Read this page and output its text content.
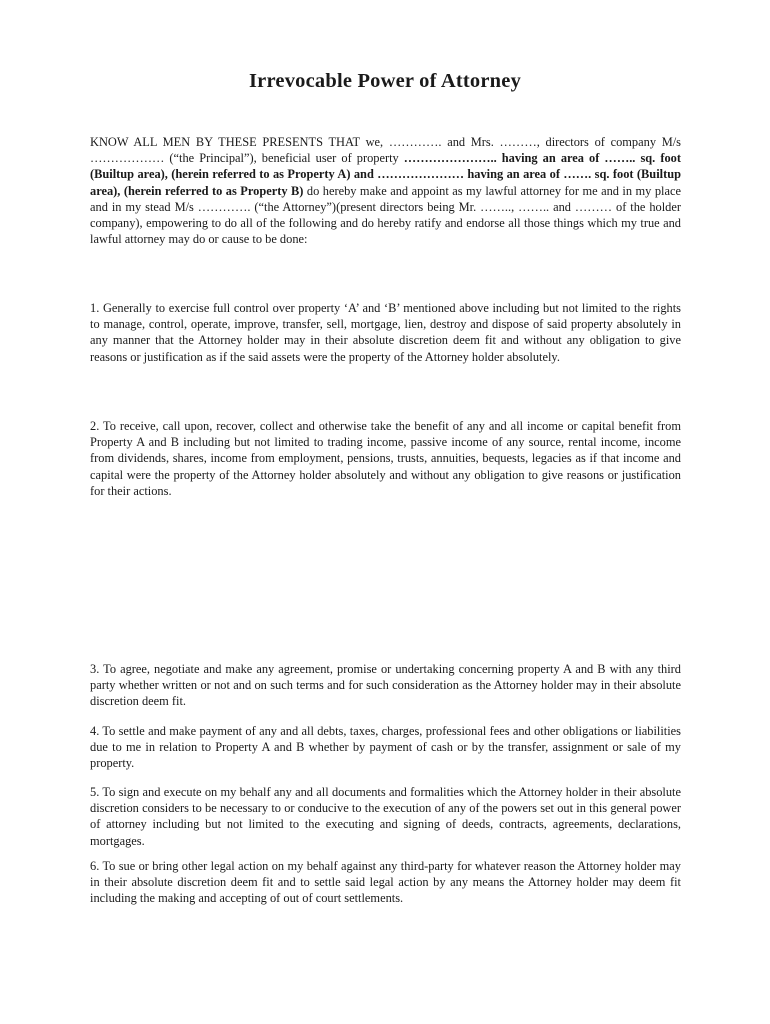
Irrevocable Power of Attorney

KNOW ALL MEN BY THESE PRESENTS THAT we, …………. and Mrs. ………, directors of company M/s ……………… (“the Principal”), beneficial user of property ………………….. having an area of …….. sq. foot (Builtup area), (herein referred to as Property A) and ………………… having an area of ……. sq. foot (Builtup area), (herein referred to as Property B) do hereby make and appoint as my lawful attorney for me and in my place and in my stead M/s …………. (“the Attorney”)(present directors being Mr. …….., …….. and ……… of the holder company), empowering to do all of the following and do hereby ratify and endorse all those things which my true and lawful attorney may do or cause to be done:

1. Generally to exercise full control over property ‘A’ and ‘B’ mentioned above including but not limited to the rights to manage, control, operate, improve, transfer, sell, mortgage, lien, destroy and dispose of said property absolutely in any manner that the Attorney holder may in their absolute discretion deem fit and without any obligation to give reasons or justification as if the said assets were the property of the Attorney holder absolutely.

2. To receive, call upon, recover, collect and otherwise take the benefit of any and all income or capital benefit from Property A and B including but not limited to trading income, passive income of any source, rental income, income from dividends, shares, income from employment, pensions, trusts, annuities, bequests, legacies as if that income and capital were the property of the Attorney holder absolutely and without any obligation to give reasons or justification for their actions.

3. To agree, negotiate and make any agreement, promise or undertaking concerning property A and B with any third party whether written or not and on such terms and for such consideration as the Attorney holder may in their absolute discretion deem fit.

4. To settle and make payment of any and all debts, taxes, charges, professional fees and other obligations or liabilities due to me in relation to Property A and B whether by payment of cash or by the transfer, assignment or sale of my property.

5. To sign and execute on my behalf any and all documents and formalities which the Attorney holder in their absolute discretion considers to be necessary to or conducive to the execution of any of the powers set out in this general power of attorney including but not limited to the executing and signing of deeds, contracts, agreements, declarations, mortgages.

6. To sue or bring other legal action on my behalf against any third-party for whatever reason the Attorney holder may in their absolute discretion deem fit and to settle said legal action by any means the Attorney holder may deem fit including the making and accepting of out of court settlements.
